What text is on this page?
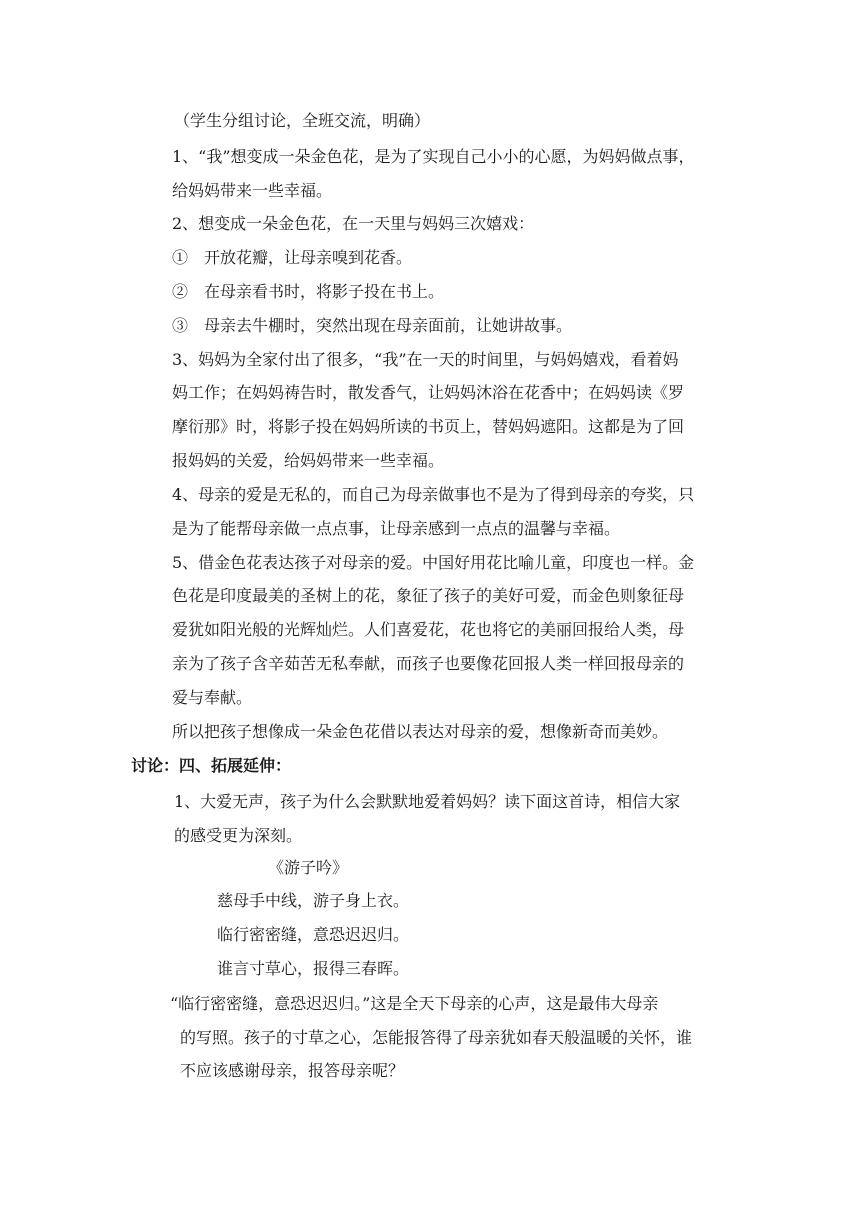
（学生分组讨论，全班交流，明确）
1、“我”想变成一朵金色花，是为了实现自己小小的心愿，为妈妈做点事，
给妈妈带来一些幸福。
2、想变成一朵金色花，在一天里与妈妈三次嬉戏：
①　开放花瓣，让母亲嗅到花香。
②　在母亲看书时，将影子投在书上。
③　母亲去牛棚时，突然出现在母亲面前，让她讲故事。
3、妈妈为全家付出了很多，“我”在一天的时间里，与妈妈嬉戏，看着妈
妈工作；在妈妈祷告时，散发香气，让妈妈沐浴在花香中；在妈妈读《罗
摩衍那》时，将影子投在妈妈所读的书页上，替妈妈遮阳。这都是为了回
报妈妈的关爱，给妈妈带来一些幸福。
4、母亲的爱是无私的，而自己为母亲做事也不是为了得到母亲的夸奖，只
是为了能帮母亲做一点点事，让母亲感到一点点的温馨与幸福。
5、借金色花表达孩子对母亲的爱。中国好用花比喻儿童，印度也一样。金
色花是印度最美的圣树上的花，象征了孩子的美好可爱，而金色则象征母
爱犹如阳光般的光辉灿烂。人们喜爱花，花也将它的美丽回报给人类，母
亲为了孩子含辛茹苦无私奉献，而孩子也要像花回报人类一样回报母亲的
爱与奉献。
所以把孩子想像成一朵金色花借以表达对母亲的爱，想像新奇而美妙。
讨论：四、拓展延伸：
1、大爱无声，孩子为什么会默默地爱着妈妈？读下面这首诗，相信大家
的感受更为深刻。
《游子吟》
慈母手中线，游子身上衣。
临行密密缝，意恐迟迟归。
谁言寸草心，报得三春晖。
“临行密密缝，意恐迟迟归。”这是全天下母亲的心声，这是最伟大母亲
的写照。孩子的寸草之心，怎能报答得了母亲犹如春天般温暖的关怀，谁
不应该感谢母亲，报答母亲呢？
